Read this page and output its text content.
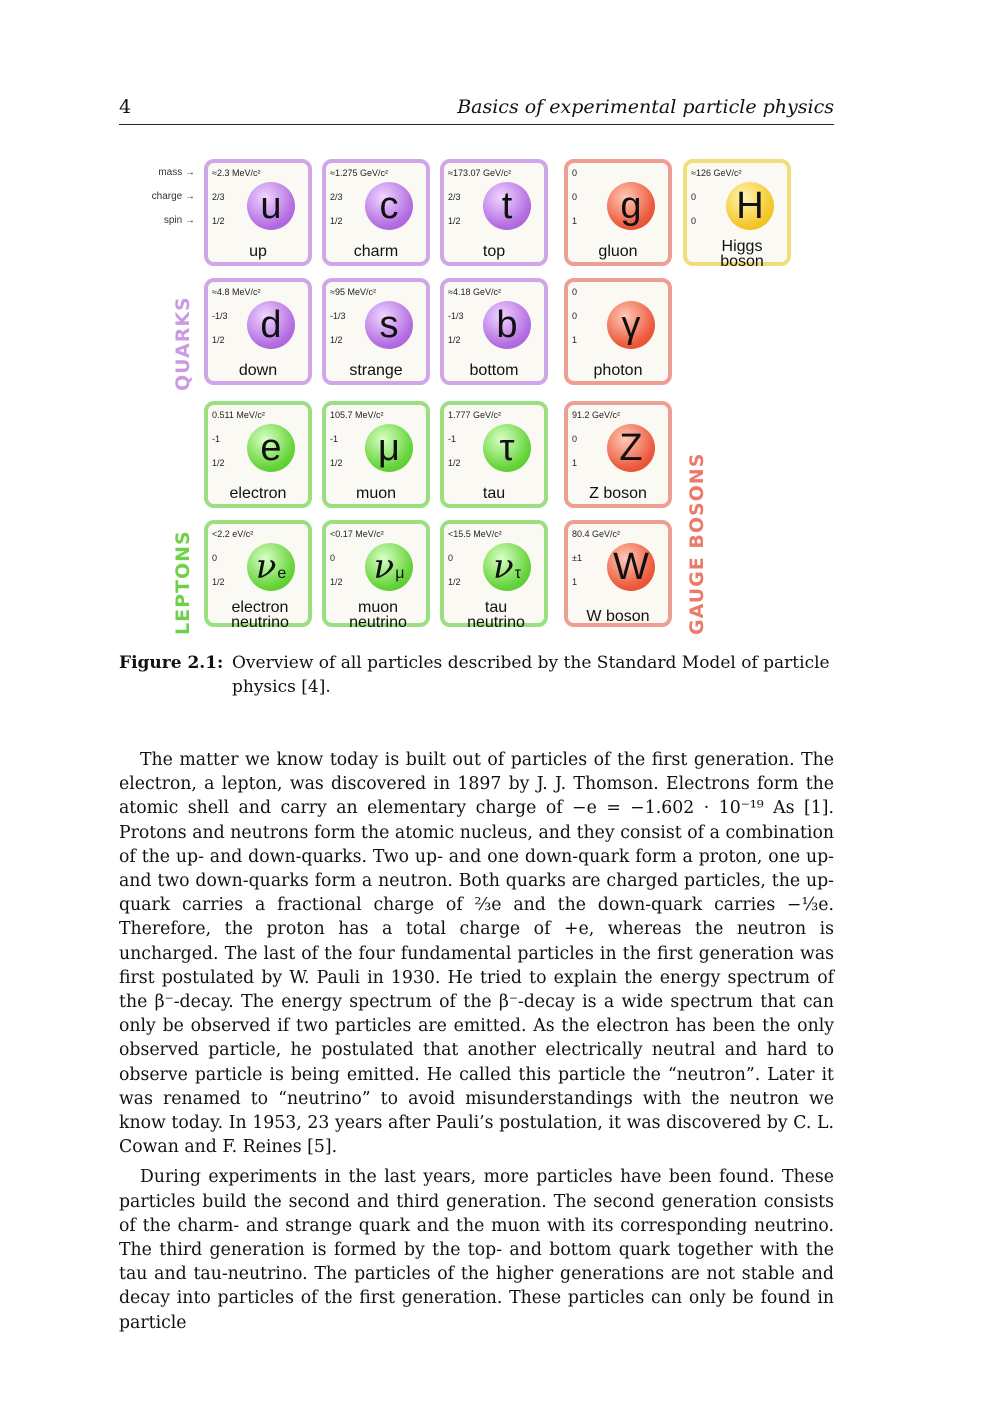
4	Basics of experimental particle physics
mass →
charge →
spin →
≈2.3 MeV/c²
2/3
1/2 u
up
≈1.275 GeV/c²
2/3
1/2 c
charm
≈173.07 GeV/c²
2/3
1/2	t
top
0
0
1	g
gluon
≈126 GeV/c²
0
0 H
Higgs boson
≈4.8 MeV/c²
-1/3
1/2 d
down
≈95 MeV/c²
-1/3
1/2 s
strange
≈4.18 GeV/c²
-1/3
1/2 b
bottom
0
0
1	γ
photon
0.511 MeV/c²
-1
1/2 e
electron
105.7 MeV/c²
-1
1/2 μ
muon
1.777 GeV/c²
-1
1/2	τ
tau
91.2 GeV/c²
0
1	Z
Z boson
<2.2 eV/c²
0
1/2 νe
electron neutrino
<0.17 MeV/c²
0
1/2 νμ
muon neutrino
<15.5 MeV/c²
0
1/2 ντ
tau neutrino
80.4 GeV/c²
±1
1 W
W boson
QUARKS
LEPTONS	GAUGE BOSONS
Figure 2.1: Overview of all particles described by the Standard Model of particle physics [4].

The matter we know today is built out of particles of the first generation. The electron, a lepton, was discovered in 1897 by J. J. Thomson. Electrons form the atomic shell and carry an elementary charge of −e = −1.602 · 10⁻¹⁹ As [1]. Protons and neutrons form the atomic nucleus, and they consist of a combination of the up- and down-quarks. Two up- and one down-quark form a proton, one up- and two down-quarks form a neutron. Both quarks are charged particles, the up-quark carries a fractional charge of ⅔e and the down-quark carries −⅓e. Therefore, the proton has a total charge of +e, whereas the neutron is uncharged. The last of the four fundamental particles in the first generation was first postulated by W. Pauli in 1930. He tried to explain the energy spectrum of the β⁻-decay. The energy spectrum of the β⁻-decay is a wide spectrum that can only be observed if two particles are emitted. As the electron has been the only observed particle, he postulated that another electrically neutral and hard to observe particle is being emitted. He called this particle the “neutron”. Later it was renamed to “neutrino” to avoid misunderstandings with the neutron we know today. In 1953, 23 years after Pauli’s postulation, it was discovered by C. L. Cowan and F. Reines [5].

During experiments in the last years, more particles have been found. These particles build the second and third generation. The second generation consists of the charm- and strange quark and the muon with its corresponding neutrino. The third generation is formed by the top- and bottom quark together with the tau and tau-neutrino. The particles of the higher generations are not stable and decay into particles of the first generation. These particles can only be found in particle
